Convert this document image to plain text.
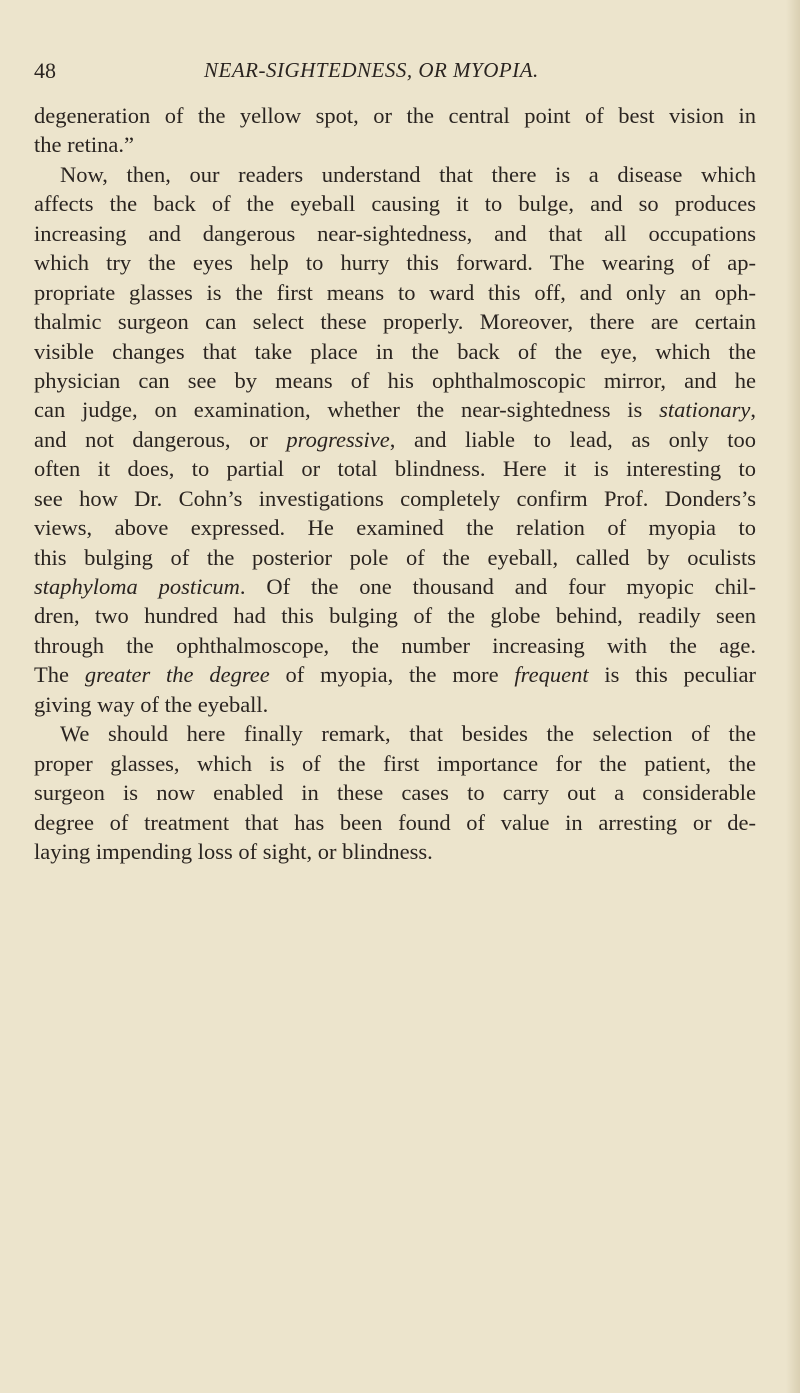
48	NEAR-SIGHTEDNESS, OR MYOPIA.
degeneration of the yellow spot, or the central point of best vision in
the retina.”
Now, then, our readers understand that there is a disease which
affects the back of the eyeball causing it to bulge, and so produces
increasing and dangerous near-sightedness, and that all occupations
which try the eyes help to hurry this forward. The wearing of ap-
propriate glasses is the first means to ward this off, and only an oph-
thalmic surgeon can select these properly. Moreover, there are certain
visible changes that take place in the back of the eye, which the
physician can see by means of his ophthalmoscopic mirror, and he
can judge, on examination, whether the near-sightedness is stationary,
and not dangerous, or progressive, and liable to lead, as only too
often it does, to partial or total blindness. Here it is interesting to
see how Dr. Cohn’s investigations completely confirm Prof. Donders’s
views, above expressed. He examined the relation of myopia to
this bulging of the posterior pole of the eyeball, called by oculists
staphyloma posticum. Of the one thousand and four myopic chil-
dren, two hundred had this bulging of the globe behind, readily seen
through the ophthalmoscope, the number increasing with the age.
The greater the degree of myopia, the more frequent is this peculiar
giving way of the eyeball.
We should here finally remark, that besides the selection of the
proper glasses, which is of the first importance for the patient, the
surgeon is now enabled in these cases to carry out a considerable
degree of treatment that has been found of value in arresting or de-
laying impending loss of sight, or blindness.
